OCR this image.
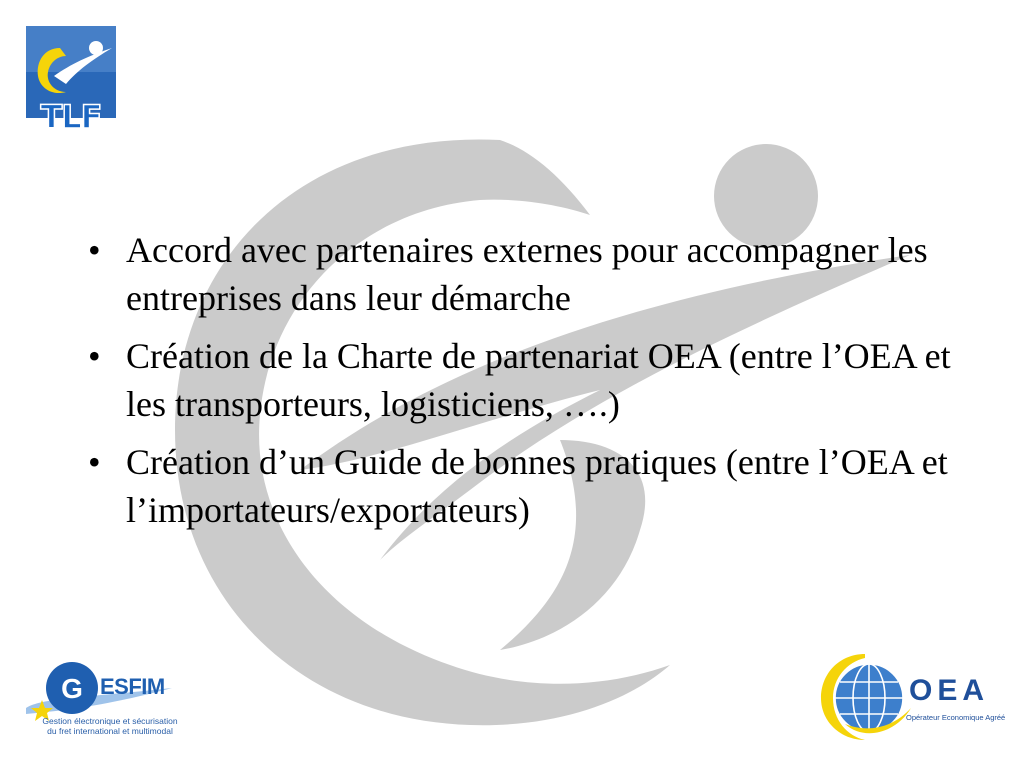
TLF
• Accord avec partenaires externes pour accompagner les entreprises dans leur démarche
• Création de la Charte de partenariat OEA (entre l’OEA et les transporteurs, logisticiens, ….)
• Création d’un Guide de bonnes pratiques (entre l’OEA et l’importateurs/exportateurs)
G ESFIM
Gestion électronique et sécurisation du fret international et multimodal
OEA
Opérateur Economique Agréé
